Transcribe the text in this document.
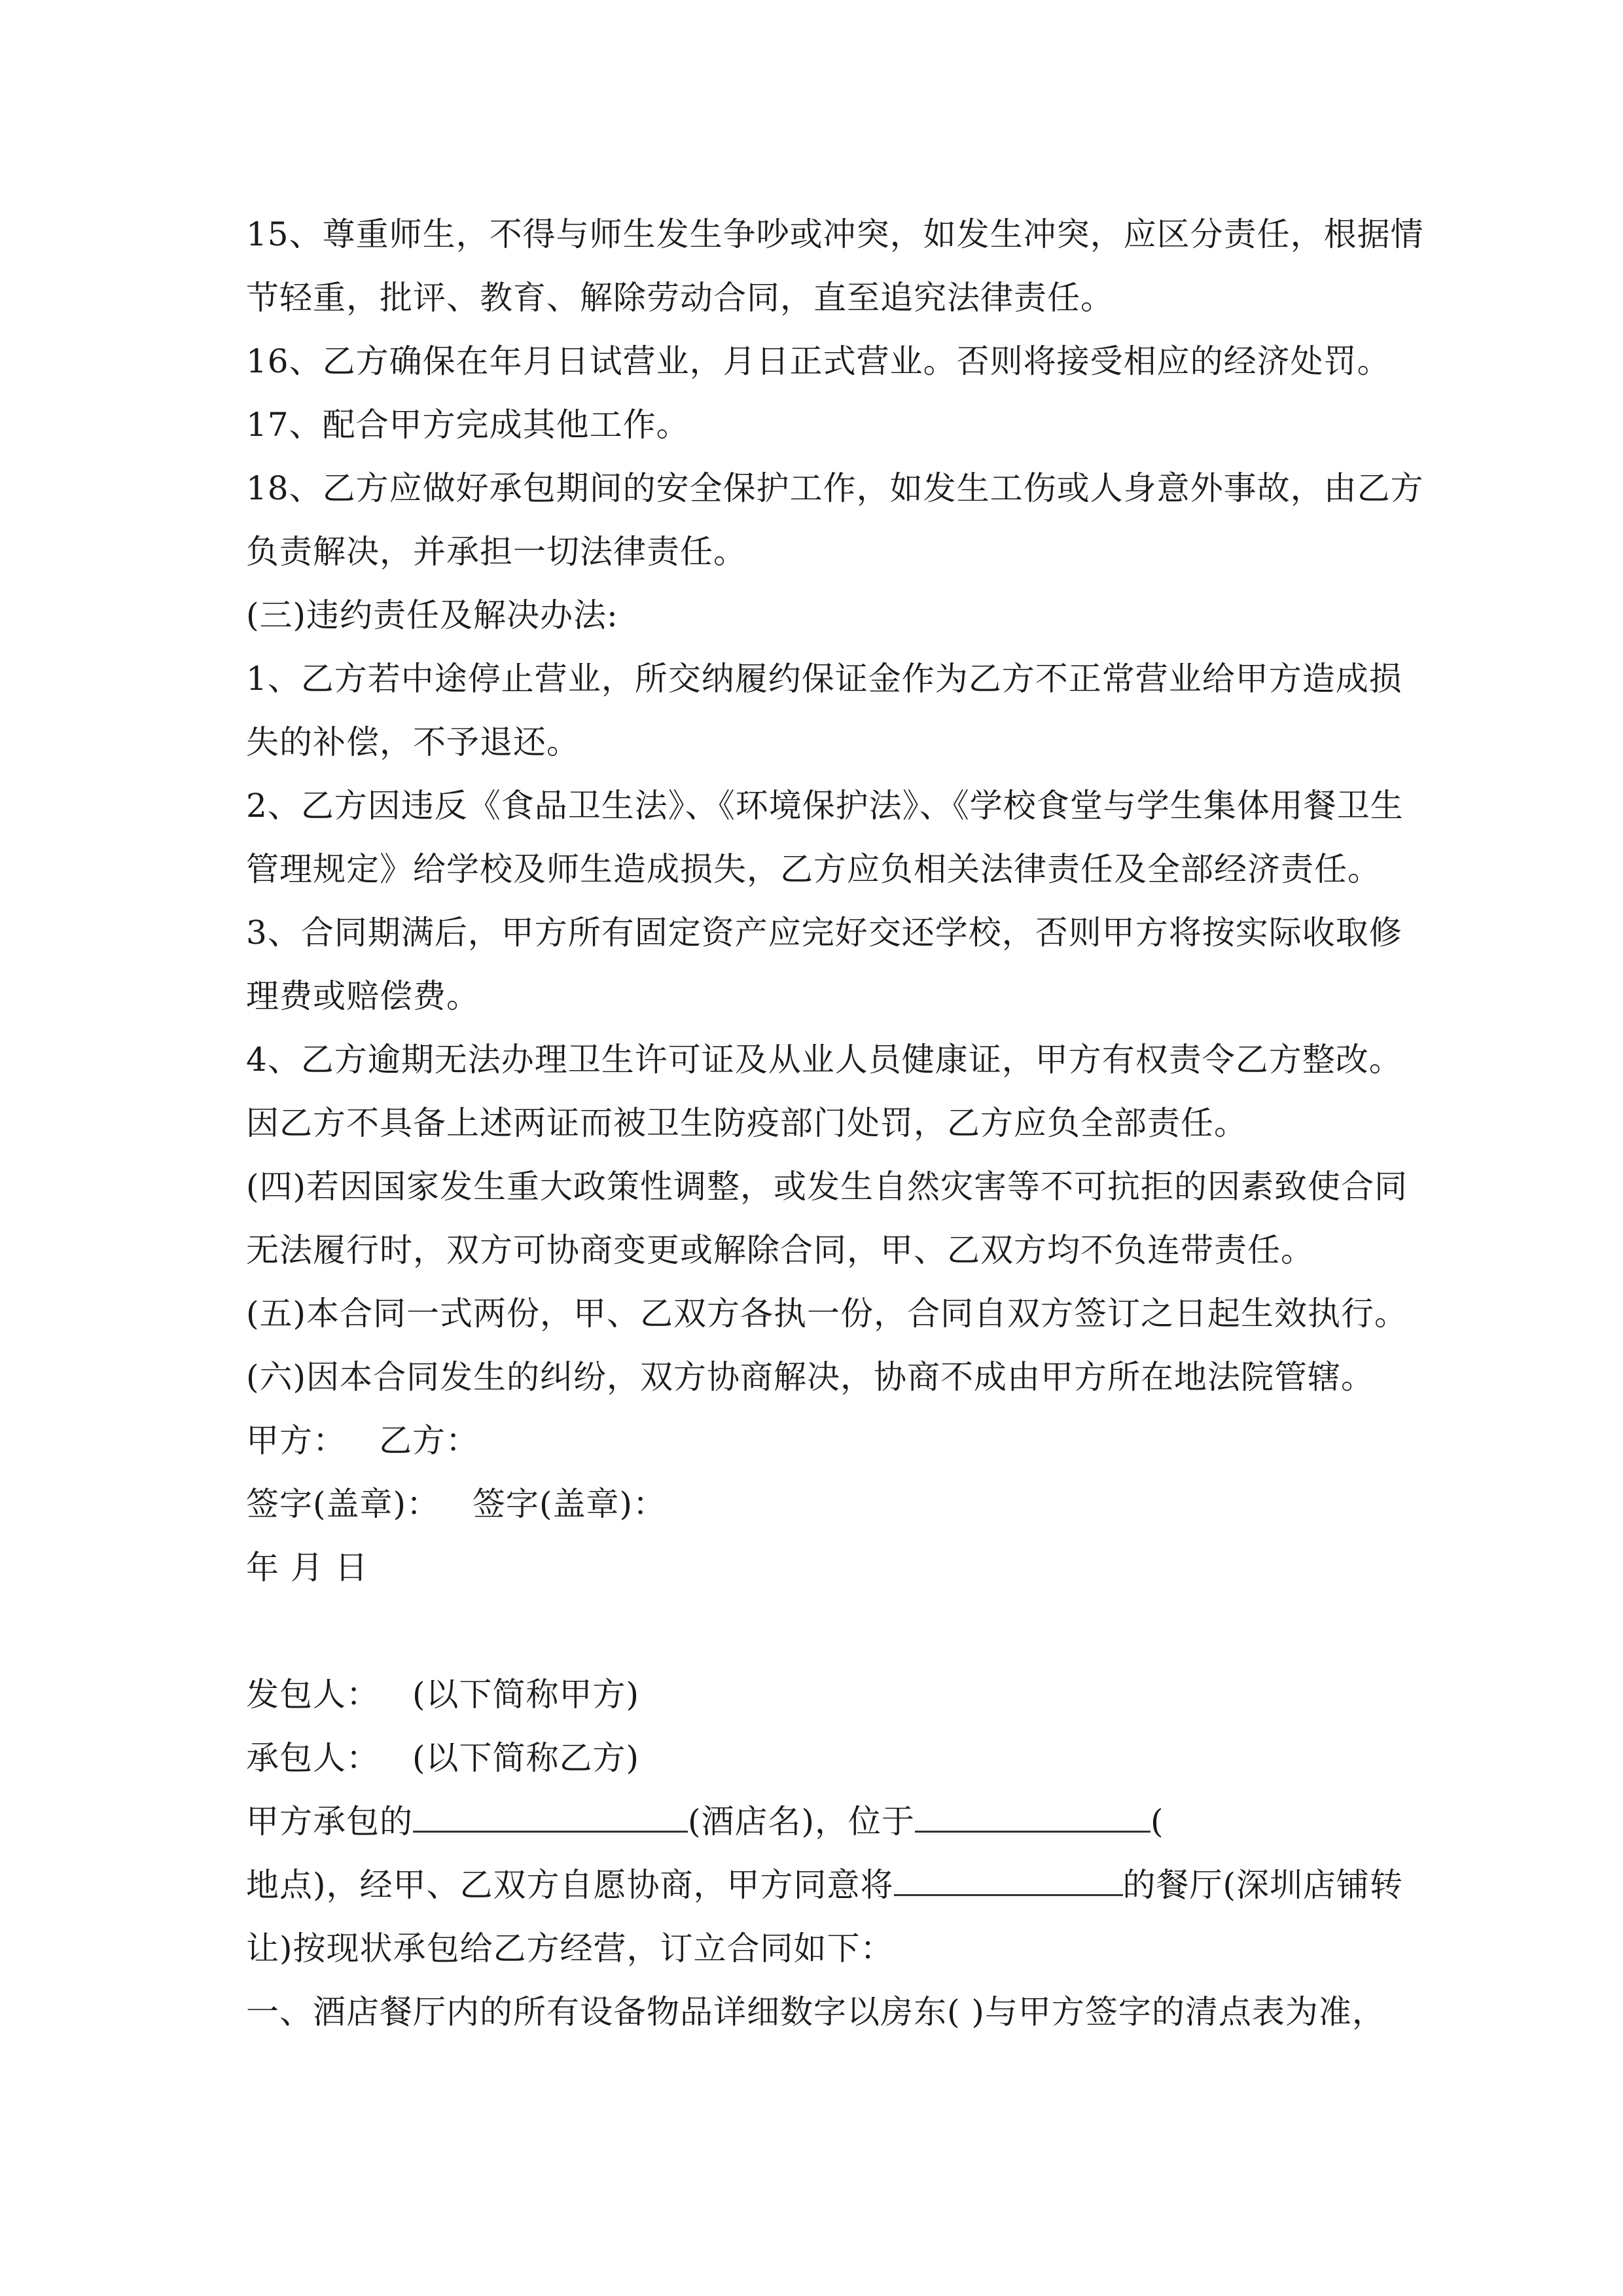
15、尊重师生，不得与师生发生争吵或冲突，如发生冲突，应区分责任，根据情
节轻重，批评、教育、解除劳动合同，直至追究法律责任。
16、乙方确保在年月日试营业，月日正式营业。否则将接受相应的经济处罚。
17、配合甲方完成其他工作。
18、乙方应做好承包期间的安全保护工作，如发生工伤或人身意外事故，由乙方
负责解决，并承担一切法律责任。
(三)违约责任及解决办法:
1、乙方若中途停止营业，所交纳履约保证金作为乙方不正常营业给甲方造成损
失的补偿，不予退还。
2、乙方因违反《食品卫生法》、《环境保护法》、《学校食堂与学生集体用餐卫生
管理规定》给学校及师生造成损失，乙方应负相关法律责任及全部经济责任。
3、合同期满后，甲方所有固定资产应完好交还学校，否则甲方将按实际收取修
理费或赔偿费。
4、乙方逾期无法办理卫生许可证及从业人员健康证，甲方有权责令乙方整改。
因乙方不具备上述两证而被卫生防疫部门处罚，乙方应负全部责任。
(四)若因国家发生重大政策性调整，或发生自然灾害等不可抗拒的因素致使合同
无法履行时，双方可协商变更或解除合同，甲、乙双方均不负连带责任。
(五)本合同一式两份，甲、乙双方各执一份，合同自双方签订之日起生效执行。
(六)因本合同发生的纠纷，双方协商解决，协商不成由甲方所在地法院管辖。
甲方： 乙方：
签字(盖章)： 签字(盖章)：
年 月 日
发包人： (以下简称甲方)
承包人： (以下简称乙方)
甲方承包的	(酒店名)，位于	(
地点)，经甲、乙双方自愿协商，甲方同意将	的餐厅(深圳店铺转
让)按现状承包给乙方经营，订立合同如下：
一、酒店餐厅内的所有设备物品详细数字以房东( )与甲方签字的清点表为准，
